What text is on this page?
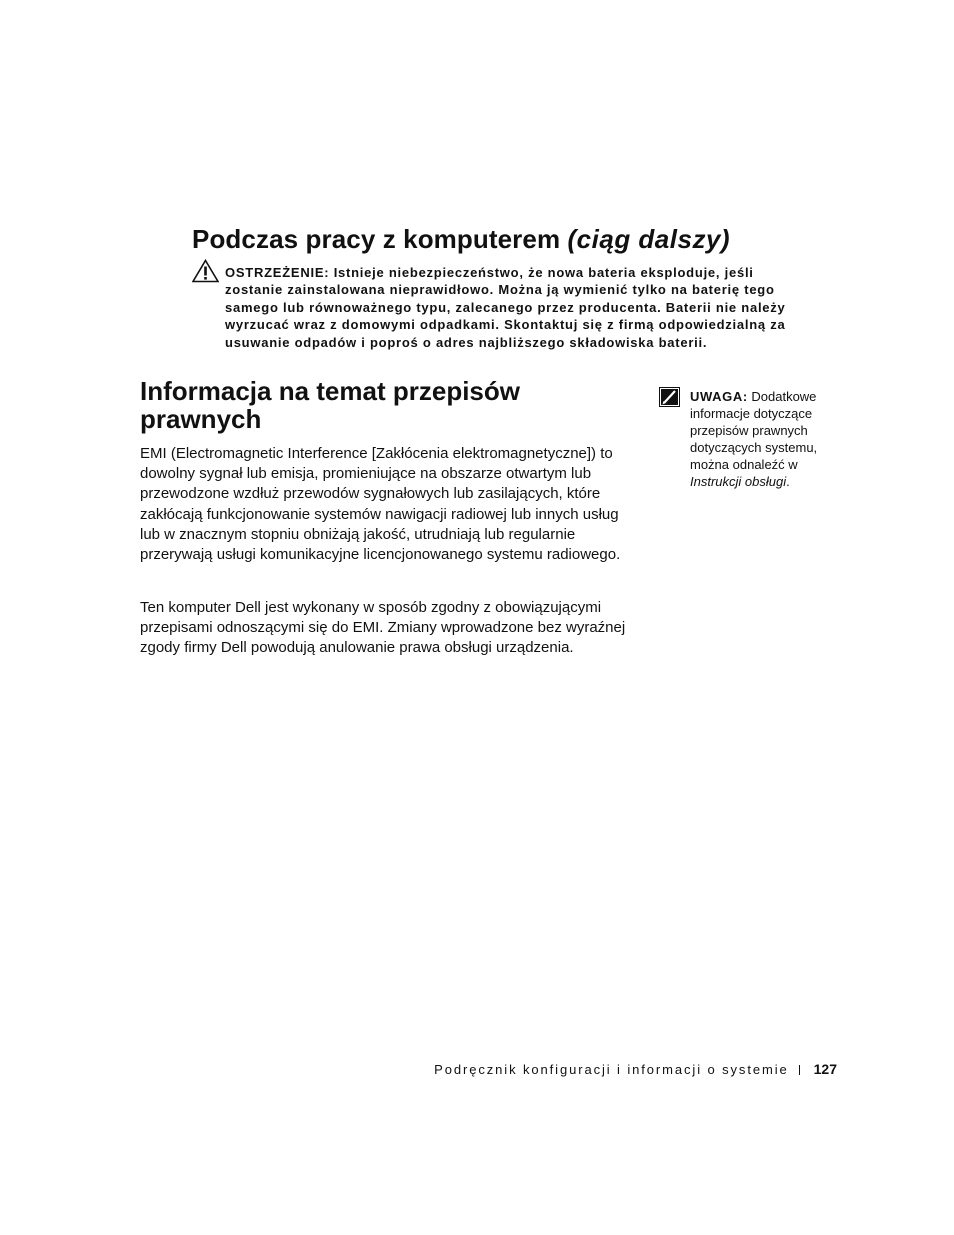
Podczas pracy z komputerem (ciąg dalszy)

OSTRZEŻENIE: Istnieje niebezpieczeństwo, że nowa bateria eksploduje, jeśli zostanie zainstalowana nieprawidłowo. Można ją wymienić tylko na baterię tego samego lub równoważnego typu, zalecanego przez producenta. Baterii nie należy wyrzucać wraz z domowymi odpadkami. Skontaktuj się z firmą odpowiedzialną za usuwanie odpadów i poproś o adres najbliższego składowiska baterii.

Informacja na temat przepisów prawnych

EMI (Electromagnetic Interference [Zakłócenia elektromagnetyczne]) to dowolny sygnał lub emisja, promieniujące na obszarze otwartym lub przewodzone wzdłuż przewodów sygnałowych lub zasilających, które zakłócają funkcjonowanie systemów nawigacji radiowej lub innych usług lub w znacznym stopniu obniżają jakość, utrudniają lub regularnie przerywają usługi komunikacyjne licencjonowanego systemu radiowego.

Ten komputer Dell jest wykonany w sposób zgodny z obowiązującymi przepisami odnoszącymi się do EMI. Zmiany wprowadzone bez wyraźnej zgody firmy Dell powodują anulowanie prawa obsługi urządzenia.

UWAGA: Dodatkowe informacje dotyczące przepisów prawnych dotyczących systemu, można odnaleźć w Instrukcji obsługi.

Podręcznik konfiguracji i informacji o systemie 127
